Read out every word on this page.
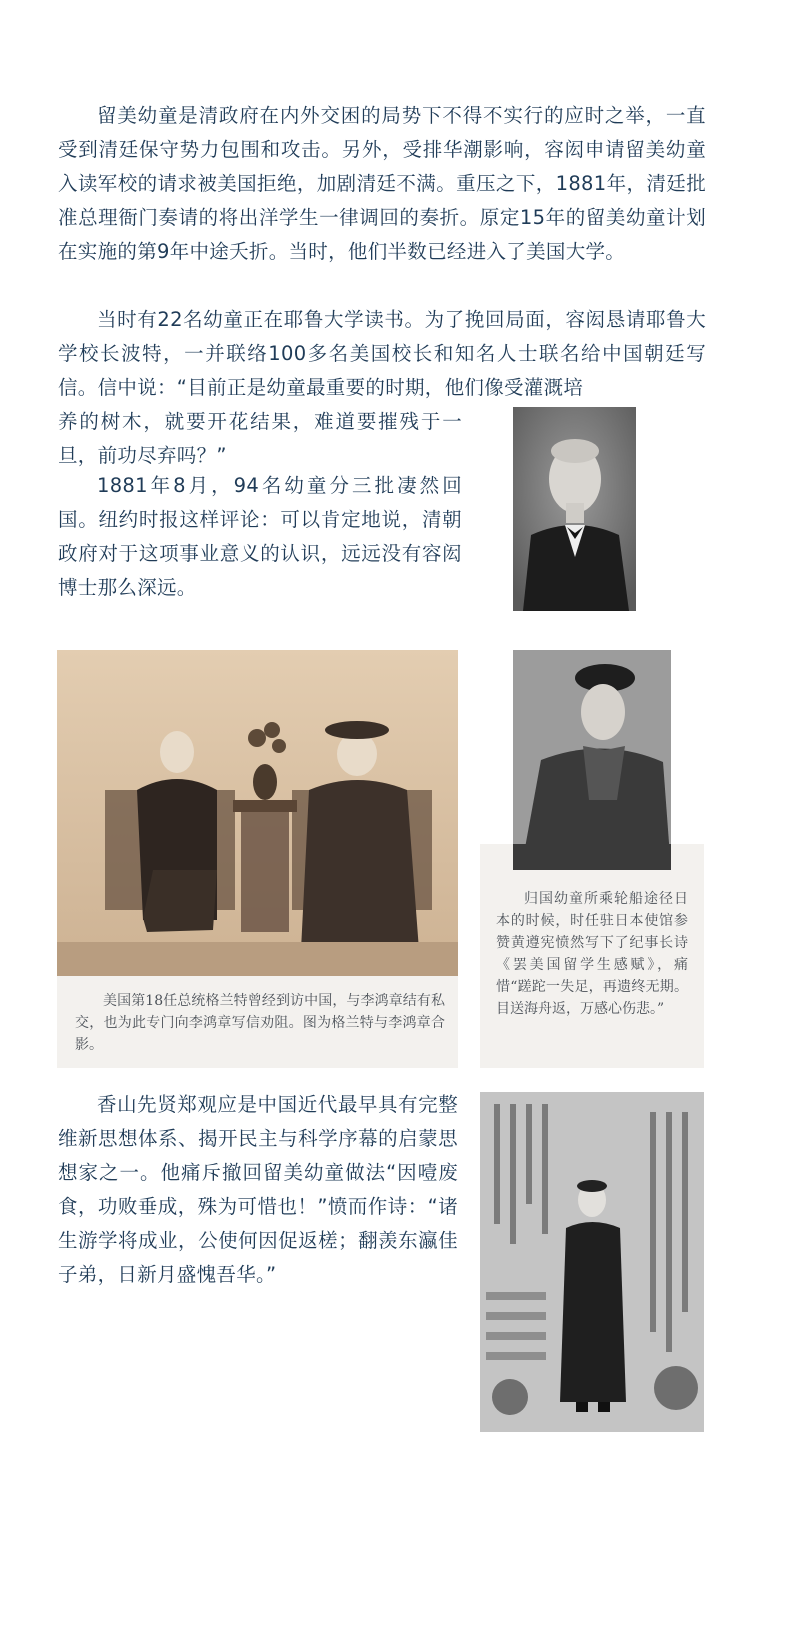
留美幼童是清政府在内外交困的局势下不得不实行的应时之举，一直受到清廷保守势力包围和攻击。另外，受排华潮影响，容闳申请留美幼童入读军校的请求被美国拒绝，加剧清廷不满。重压之下，1881年，清廷批准总理衙门奏请的将出洋学生一律调回的奏折。原定15年的留美幼童计划在实施的第9年中途夭折。当时，他们半数已经进入了美国大学。

当时有22名幼童正在耶鲁大学读书。为了挽回局面，容闳恳请耶鲁大学校长波特，一并联络100多名美国校长和知名人士联名给中国朝廷写信。信中说：“目前正是幼童最重要的时期，他们像受灌溉培

养的树木，就要开花结果，难道要摧残于一旦，前功尽弃吗？”

1881年8月，94名幼童分三批凄然回国。纽约时报这样评论：可以肯定地说，清朝政府对于这项事业意义的认识，远远没有容闳博士那么深远。

美国第18任总统格兰特曾经到访中国，与李鸿章结有私交，也为此专门向李鸿章写信劝阻。图为格兰特与李鸿章合影。

归国幼童所乘轮船途径日本的时候，时任驻日本使馆参赞黄遵宪愤然写下了纪事长诗《罢美国留学生感赋》，痛惜“蹉跎一失足，再遗终无期。目送海舟返，万感心伤悲。”

香山先贤郑观应是中国近代最早具有完整维新思想体系、揭开民主与科学序幕的启蒙思想家之一。他痛斥撤回留美幼童做法“因噎废食，功败垂成，殊为可惜也！”愤而作诗：“诸生游学将成业，公使何因促返槎；翻羡东瀛佳子弟，日新月盛愧吾华。”
